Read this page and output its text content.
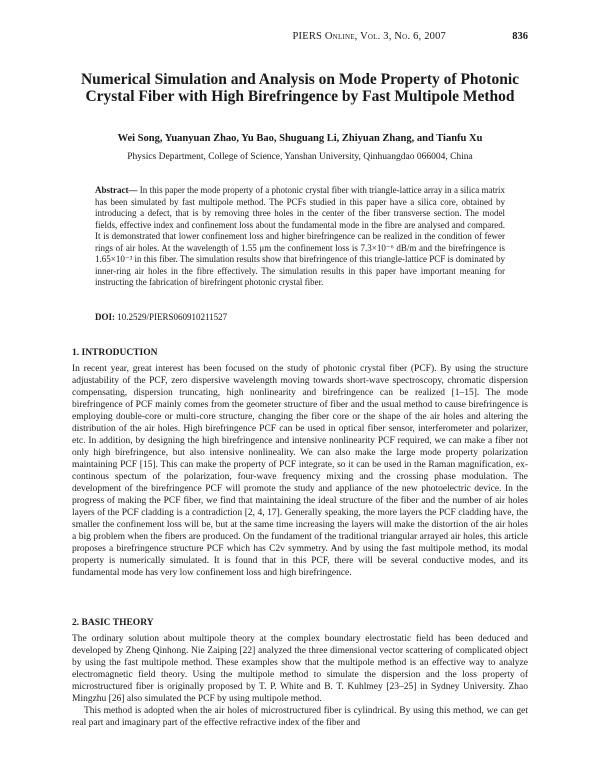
PIERS Online, Vol. 3, No. 6, 2007	836
Numerical Simulation and Analysis on Mode Property of Photonic Crystal Fiber with High Birefringence by Fast Multipole Method
Wei Song, Yuanyuan Zhao, Yu Bao, Shuguang Li, Zhiyuan Zhang, and Tianfu Xu
Physics Department, College of Science, Yanshan University, Qinhuangdao 066004, China
Abstract— In this paper the mode property of a photonic crystal fiber with triangle-lattice array in a silica matrix has been simulated by fast multipole method. The PCFs studied in this paper have a silica core, obtained by introducing a defect, that is by removing three holes in the center of the fiber transverse section. The model fields, effective index and confinement loss about the fundamental mode in the fibre are analysed and compared. It is demonstrated that lower confinement loss and higher birefringence can be realized in the condition of fewer rings of air holes. At the wavelength of 1.55 μm the confinement loss is 7.3×10⁻⁶ dB/m and the birefringence is 1.65×10⁻³ in this fiber. The simulation results show that birefringence of this triangle-lattice PCF is dominated by inner-ring air holes in the fibre effectively. The simulation results in this paper have important meaning for instructing the fabrication of birefringent photonic crystal fiber.
DOI: 10.2529/PIERS060910211527
1. INTRODUCTION

In recent year, great interest has been focused on the study of photonic crystal fiber (PCF). By using the structure adjustability of the PCF, zero dispersive wavelength moving towards short-wave spectroscopy, chromatic dispersion compensating, dispersion truncating, high nonlinearity and birefringence can be realized [1–15]. The mode birefringence of PCF mainly comes from the geometer structure of fiber and the usual method to cause birefringence is employing double-core or multi-core structure, changing the fiber core or the shape of the air holes and altering the distribution of the air holes. High birefringence PCF can be used in optical fiber sensor, interferometer and polarizer, etc. In addition, by designing the high birefringence and intensive nonlinearity PCF required, we can make a fiber not only high birefringence, but also intensive nonlineality. We can also make the large mode property polarization maintaining PCF [15]. This can make the property of PCF integrate, so it can be used in the Raman magnification, ex-continous spectum of the polarization, four-wave frequency mixing and the crossing phase modulation. The development of the birefringence PCF will promote the study and appliance of the new photoelectric device. In the progress of making the PCF fiber, we find that maintaining the ideal structure of the fiber and the number of air holes layers of the PCF cladding is a contradiction [2, 4, 17]. Generally speaking, the more layers the PCF cladding have, the smaller the confinement loss will be, but at the same time increasing the layers will make the distortion of the air holes a big problem when the fibers are produced. On the fundament of the traditional triangular arrayed air holes, this article proposes a birefringence structure PCF which has C2v symmetry. And by using the fast multipole method, its modal property is numerically simulated. It is found that in this PCF, there will be several conductive modes, and its fundamental mode has very low confinement loss and high birefringence.

2. BASIC THEORY

The ordinary solution about multipole theory at the complex boundary electrostatic field has been deduced and developed by Zheng Qinhong. Nie Zaiping [22] analyzed the three dimensional vector scattering of complicated object by using the fast multipole method. These examples show that the multipole method is an effective way to analyze electromagnetic field theory. Using the multipole method to simulate the dispersion and the loss property of microstructured fiber is originally proposed by T. P. White and B. T. Kuhlmey [23–25] in Sydney University. Zhao Mingzhu [26] also simulated the PCF by using multipole method.

This method is adopted when the air holes of microstructured fiber is cylindrical. By using this method, we can get real part and imaginary part of the effective refractive index of the fiber and
